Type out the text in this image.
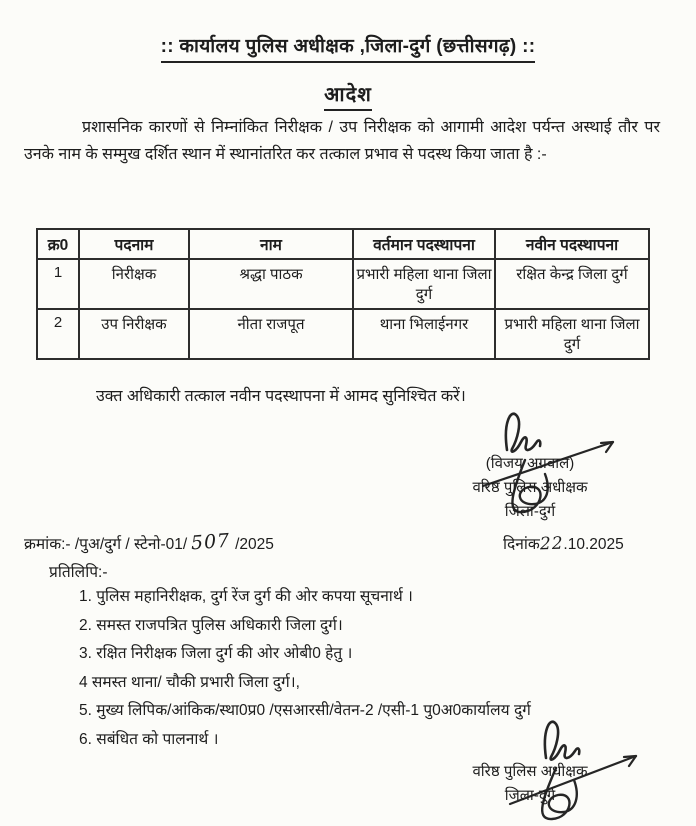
:: कार्यालय पुलिस अधीक्षक ,जिला-दुर्ग (छत्तीसगढ़) ::
आदेश
प्रशासनिक कारणों से निम्नांकित निरीक्षक / उप निरीक्षक को आगामी आदेश पर्यन्त अस्थाई तौर पर उनके नाम के सम्मुख दर्शित स्थान में स्थानांतरित कर तत्काल प्रभाव से पदस्थ किया जाता है :-
क्र0	पदनाम	नाम	वर्तमान पदस्थापना	नवीन पदस्थापना
1	निरीक्षक	श्रद्धा पाठक	प्रभारी महिला थाना जिला दुर्ग	रक्षित केन्द्र जिला दुर्ग
2	उप निरीक्षक	नीता राजपूत	थाना भिलाईनगर	प्रभारी महिला थाना जिला दुर्ग
उक्त अधिकारी तत्काल नवीन पदस्थापना में आमद सुनिश्चित करें।
(विजय अग्रवाल)
वरिष्ठ पुलिस अधीक्षक
जिला-दुर्ग
क्रमांक:- /पुअ/दुर्ग / स्टेनो-01/ 507 /2025	दिनांक22.10.2025
प्रतिलिपि:-
1. पुलिस महानिरीक्षक, दुर्ग रेंज दुर्ग की ओर कपया सूचनार्थ ।
2. समस्त राजपत्रित पुलिस अधिकारी जिला दुर्ग।
3. रक्षित निरीक्षक जिला दुर्ग की ओर ओबी0 हेतु ।
4 समस्त थाना/ चौकी प्रभारी जिला दुर्ग।,
5. मुख्य लिपिक/आंकिक/स्था0प्र0 /एसआरसी/वेतन-2 /एसी-1 पु0अ0कार्यालय दुर्ग
6. सबंधित को पालनार्थ ।
वरिष्ठ पुलिस अधीक्षक
जिला-दुर्ग
